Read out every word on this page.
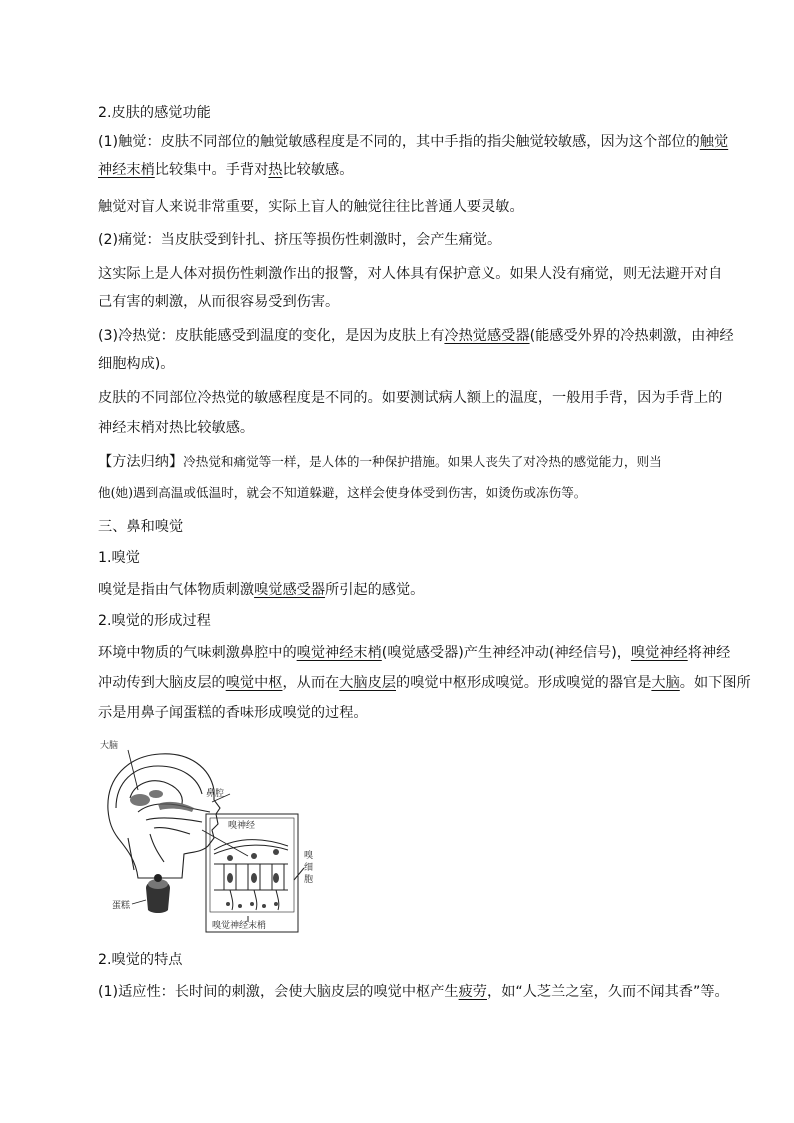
2.皮肤的感觉功能
(1)触觉：皮肤不同部位的触觉敏感程度是不同的，其中手指的指尖触觉较敏感，因为这个部位的触觉
神经末梢比较集中。手背对热比较敏感。
触觉对盲人来说非常重要，实际上盲人的触觉往往比普通人要灵敏。
(2)痛觉：当皮肤受到针扎、挤压等损伤性刺激时，会产生痛觉。
这实际上是人体对损伤性刺激作出的报警，对人体具有保护意义。如果人没有痛觉，则无法避开对自
己有害的刺激，从而很容易受到伤害。
(3)冷热觉：皮肤能感受到温度的变化，是因为皮肤上有冷热觉感受器(能感受外界的冷热刺激，由神经
细胞构成)。
皮肤的不同部位冷热觉的敏感程度是不同的。如要测试病人额上的温度，一般用手背，因为手背上的
神经末梢对热比较敏感。
【方法归纳】冷热觉和痛觉等一样，是人体的一种保护措施。如果人丧失了对冷热的感觉能力，则当
他(她)遇到高温或低温时，就会不知道躲避，这样会使身体受到伤害，如烫伤或冻伤等。
三、鼻和嗅觉
1.嗅觉
嗅觉是指由气体物质刺激嗅觉感受器所引起的感觉。
2.嗅觉的形成过程
环境中物质的气味刺激鼻腔中的嗅觉神经末梢(嗅觉感受器)产生神经冲动(神经信号)，嗅觉神经将神经
冲动传到大脑皮层的嗅觉中枢，从而在大脑皮层的嗅觉中枢形成嗅觉。形成嗅觉的器官是大脑。如下图所
示是用鼻子闻蛋糕的香味形成嗅觉的过程。
大脑
鼻腔
嗅神经
嗅
细
胞
蛋糕
嗅觉神经末梢
2.嗅觉的特点
(1)适应性：长时间的刺激，会使大脑皮层的嗅觉中枢产生疲劳，如“人芝兰之室，久而不闻其香”等。
